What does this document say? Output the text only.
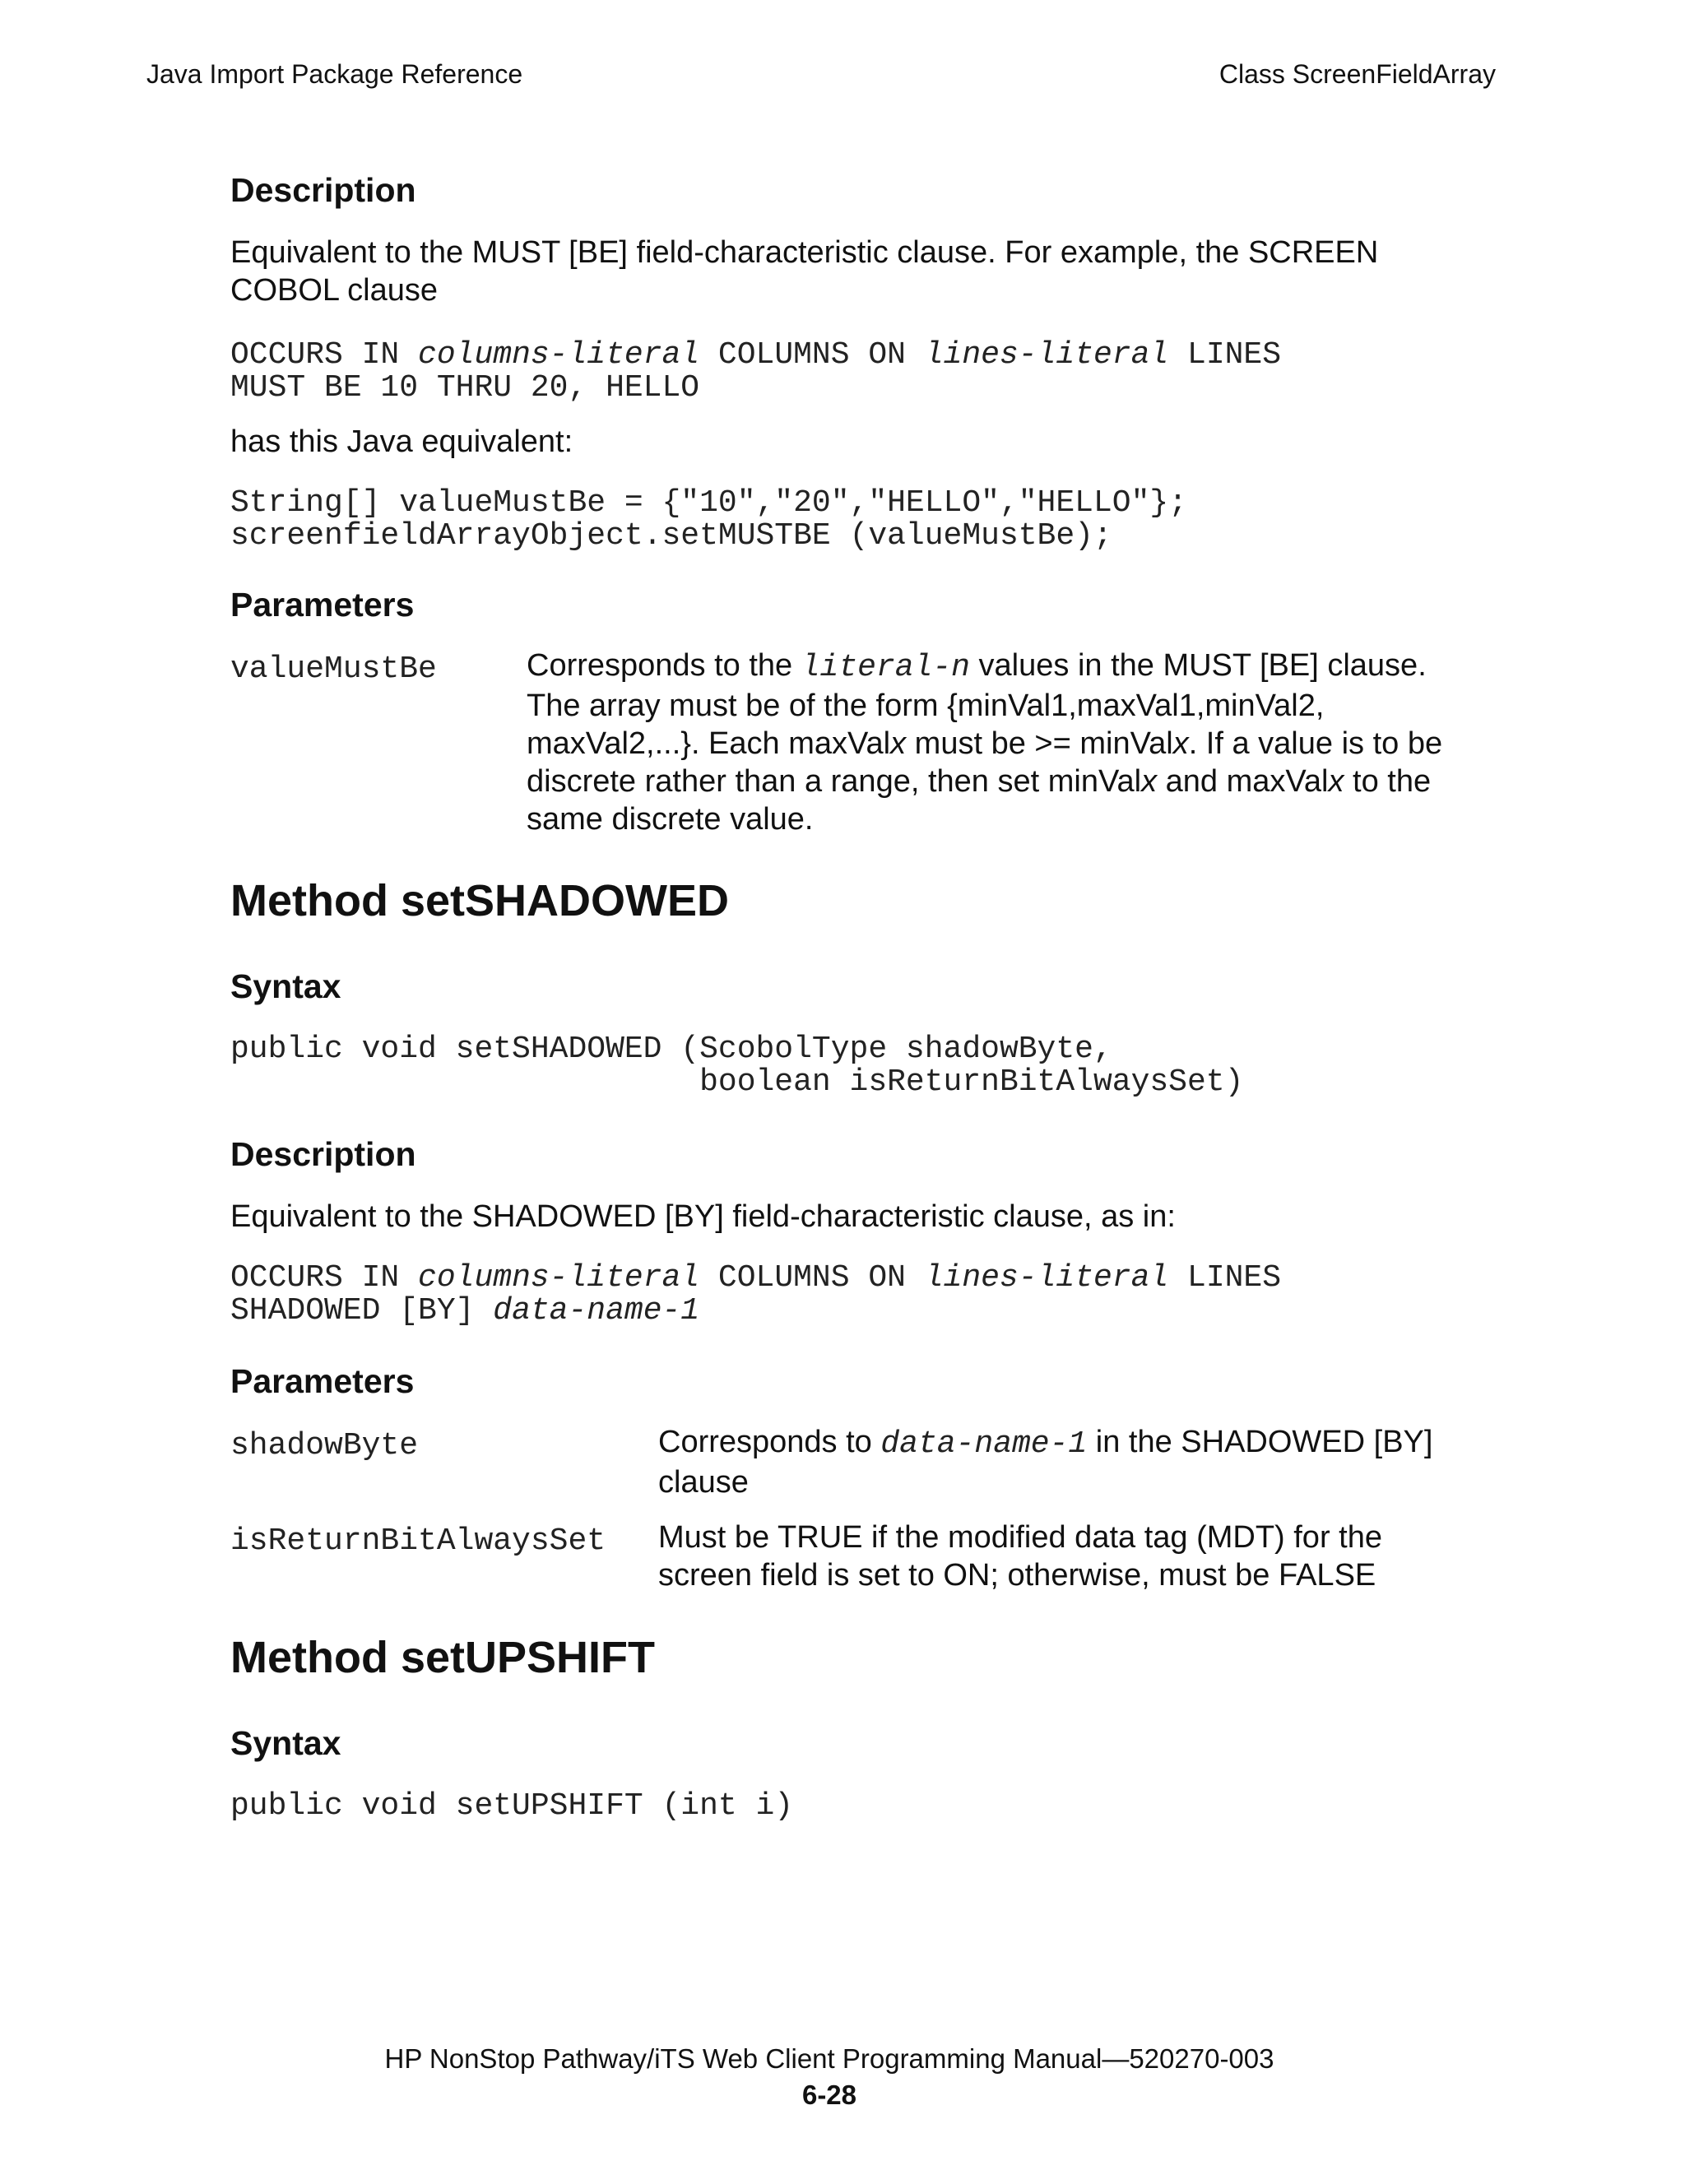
Java Import Package Reference	Class ScreenFieldArray
Description
Equivalent to the MUST [BE] field-characteristic clause. For example, the SCREEN COBOL clause
OCCURS IN columns-literal COLUMNS ON lines-literal LINES
MUST BE 10 THRU 20, HELLO
has this Java equivalent:
String[] valueMustBe = {"10","20","HELLO","HELLO"};
screenfieldArrayObject.setMUSTBE (valueMustBe);
Parameters
valueMustBe	Corresponds to the literal-n values in the MUST [BE] clause. The array must be of the form {minVal1,maxVal1,minVal2, maxVal2,...}. Each maxValx must be >= minValx. If a value is to be discrete rather than a range, then set minValx and maxValx to the same discrete value.
Method setSHADOWED
Syntax
public void setSHADOWED (ScobolType shadowByte,
boolean isReturnBitAlwaysSet)
Description
Equivalent to the SHADOWED [BY] field-characteristic clause, as in:
OCCURS IN columns-literal COLUMNS ON lines-literal LINES
SHADOWED [BY] data-name-1
Parameters
shadowByte	Corresponds to data-name-1 in the SHADOWED [BY] clause
isReturnBitAlwaysSet Must be TRUE if the modified data tag (MDT) for the screen field is set to ON; otherwise, must be FALSE
Method setUPSHIFT
Syntax
public void setUPSHIFT (int i)
HP NonStop Pathway/iTS Web Client Programming Manual—520270-003
6-28
